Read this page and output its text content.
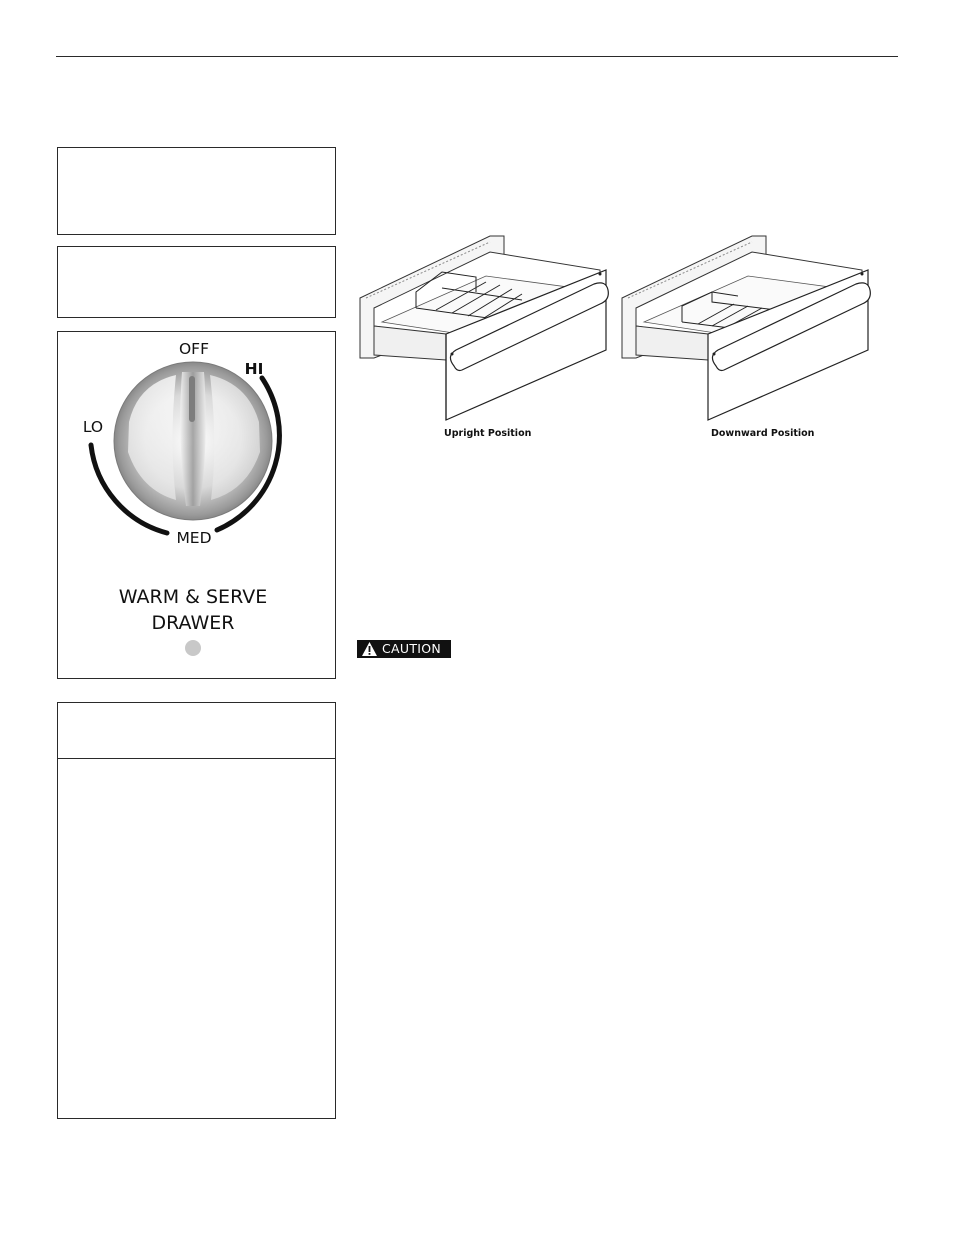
OFF
HI
LO
MED
WARM & SERVE
DRAWER
Upright Position	Downward Position
CAUTION
